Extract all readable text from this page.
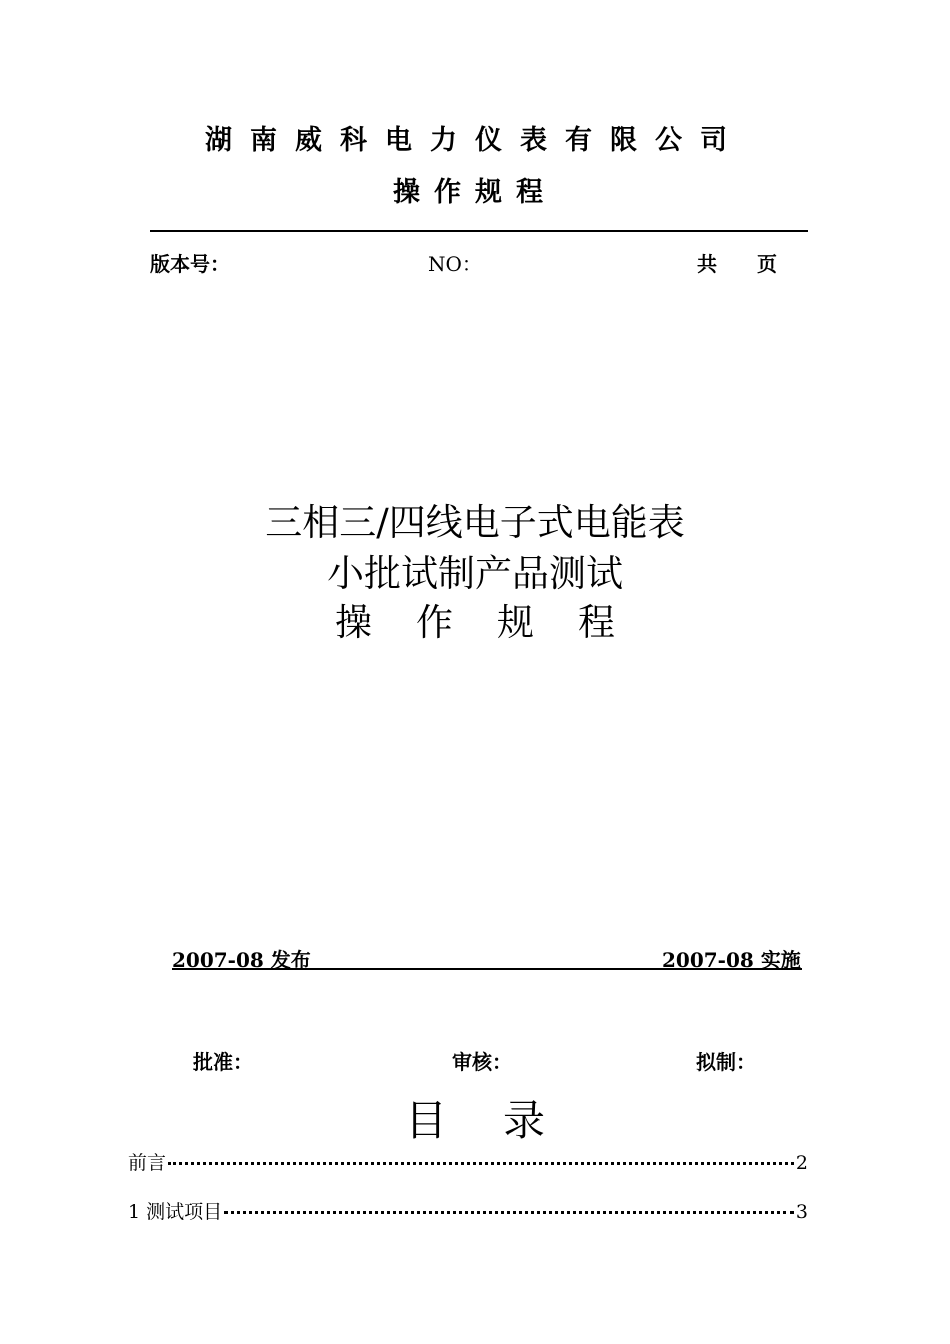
湖南威科电力仪表有限公司
操作规程
版本号：	NO：	共　　页
三相三/四线电子式电能表
小批试制产品测试
操作规程
2007-08 发布	2007-08 实施
批准：	审核：	拟制：
目录
前言	2
1 测试项目	3
